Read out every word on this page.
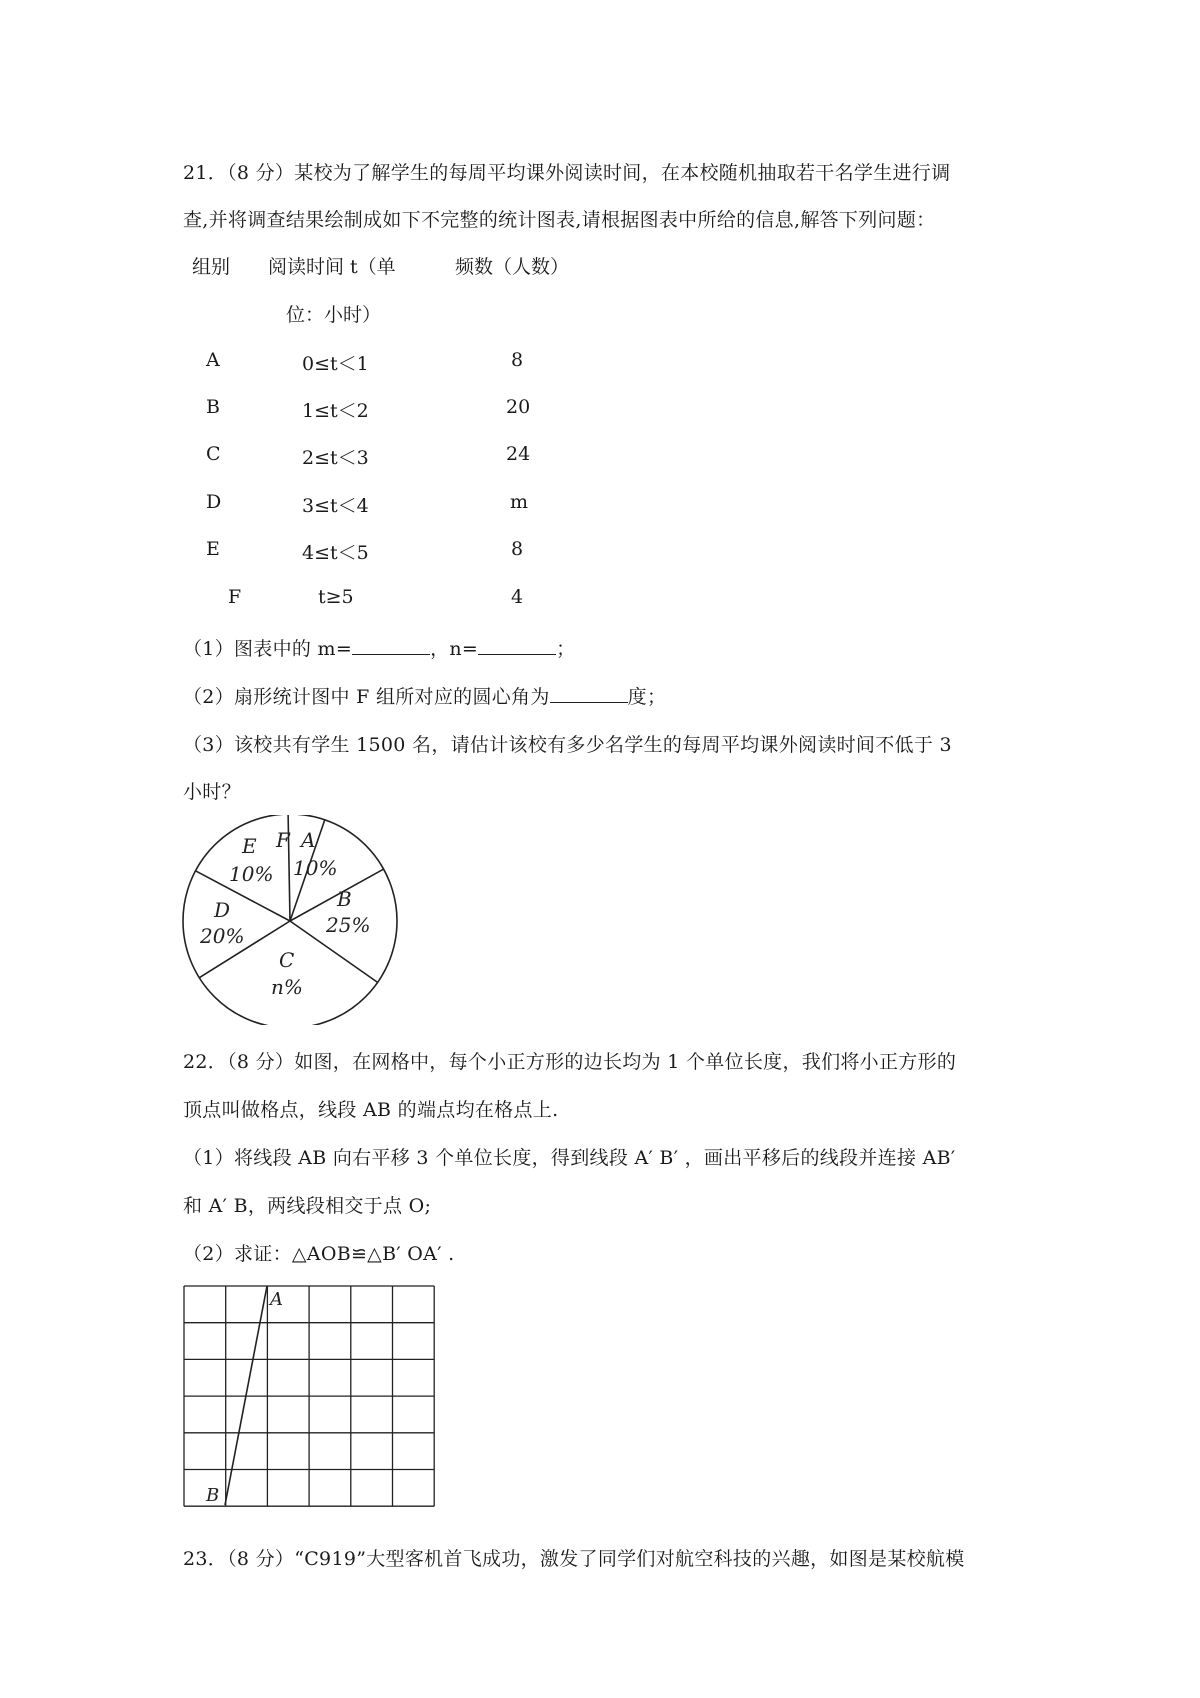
21．（8 分）某校为了解学生的每周平均课外阅读时间，在本校随机抽取若干名学生进行调
查,并将调查结果绘制成如下不完整的统计图表,请根据图表中所给的信息,解答下列问题：
组别 阅读时间 t（单	频数（人数）
位：小时）
A	0≤t＜1	8
B	1≤t＜2	20
C	2≤t＜3	24
D	3≤t＜4	m
E	4≤t＜5	8
F	t≥5	4
（1）图表中的 m=	，n=	；
（2）扇形统计图中 F 组所对应的圆心角为	度；
（3）该校共有学生 1500 名，请估计该校有多少名学生的每周平均课外阅读时间不低于 3
小时？
F A
10%
E
10%
B
25%
D
20%
C
n%
22．（8 分）如图，在网格中，每个小正方形的边长均为 1 个单位长度，我们将小正方形的
顶点叫做格点，线段 AB 的端点均在格点上.
（1）将线段 AB 向右平移 3 个单位长度，得到线段 A′ B′ ，画出平移后的线段并连接 AB′
和 A′ B，两线段相交于点 O;
（2）求证：△AOB≌△B′ OA′ .
A
B
23．（8 分）“C919”大型客机首飞成功，激发了同学们对航空科技的兴趣，如图是某校航模
